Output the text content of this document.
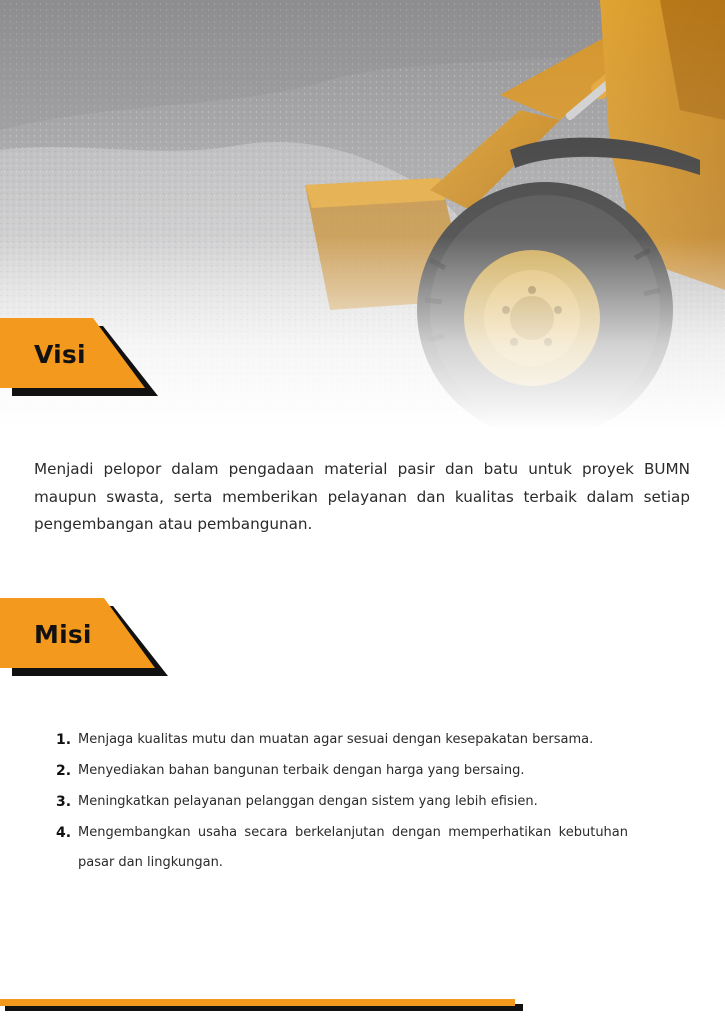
Visi

Menjadi pelopor dalam pengadaan material pasir dan batu untuk proyek BUMN maupun swasta, serta memberikan pelayanan dan kualitas terbaik dalam setiap pengembangan atau pembangunan.

Misi
1. Menjaga kualitas mutu dan muatan agar sesuai dengan kesepakatan bersama.
2. Menyediakan bahan bangunan terbaik dengan harga yang bersaing.
3. Meningkatkan pelayanan pelanggan dengan sistem yang lebih efisien.
4. Mengembangkan usaha secara berkelanjutan dengan memperhatikan kebutuhan pasar dan lingkungan.
